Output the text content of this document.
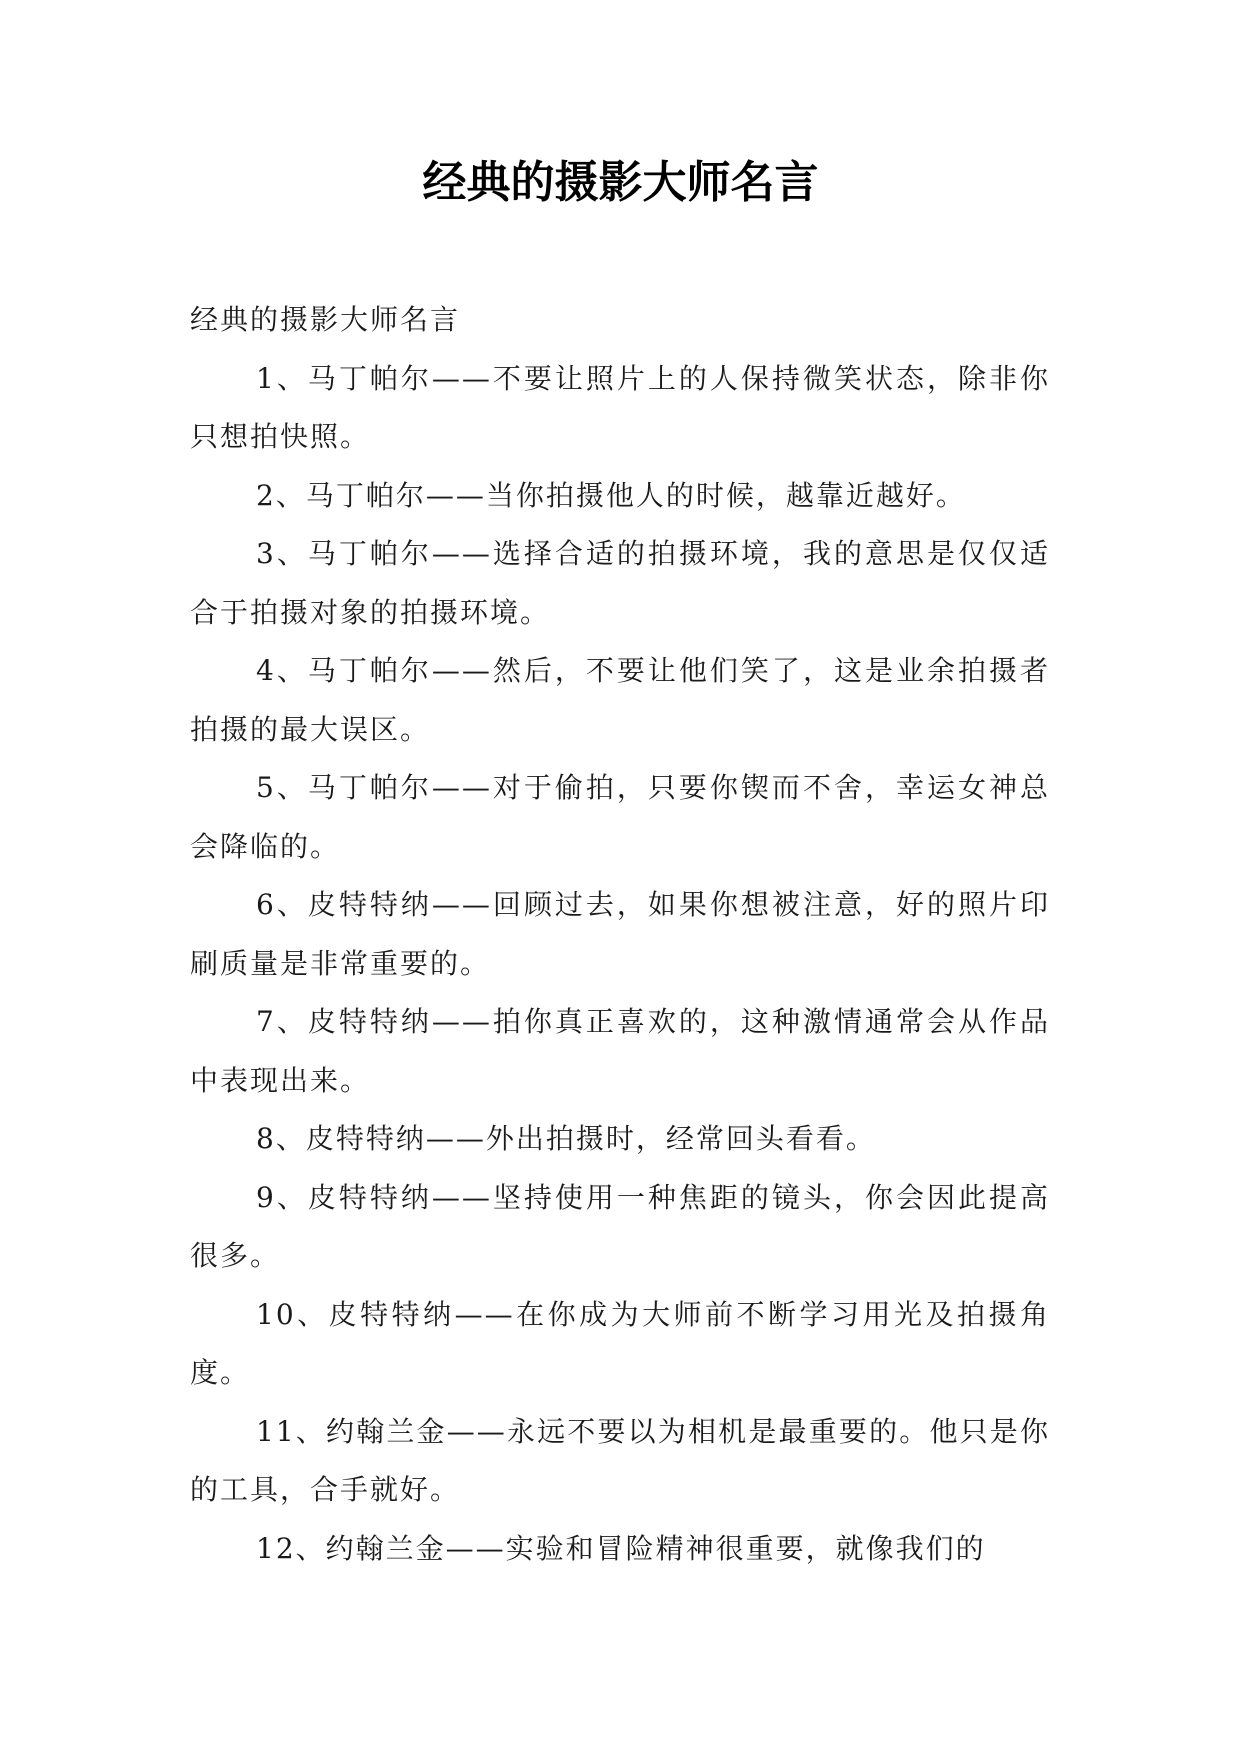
经典的摄影大师名言

经典的摄影大师名言

1、马丁帕尔——不要让照片上的人保持微笑状态，除非你只想拍快照。

2、马丁帕尔——当你拍摄他人的时候，越靠近越好。

3、马丁帕尔——选择合适的拍摄环境，我的意思是仅仅适合于拍摄对象的拍摄环境。

4、马丁帕尔——然后，不要让他们笑了，这是业余拍摄者拍摄的最大误区。

5、马丁帕尔——对于偷拍，只要你锲而不舍，幸运女神总会降临的。

6、皮特特纳——回顾过去，如果你想被注意，好的照片印刷质量是非常重要的。

7、皮特特纳——拍你真正喜欢的，这种激情通常会从作品中表现出来。

8、皮特特纳——外出拍摄时，经常回头看看。

9、皮特特纳——坚持使用一种焦距的镜头，你会因此提高很多。

10、皮特特纳——在你成为大师前不断学习用光及拍摄角度。

11、约翰兰金——永远不要以为相机是最重要的。他只是你的工具，合手就好。

12、约翰兰金——实验和冒险精神很重要，就像我们的
